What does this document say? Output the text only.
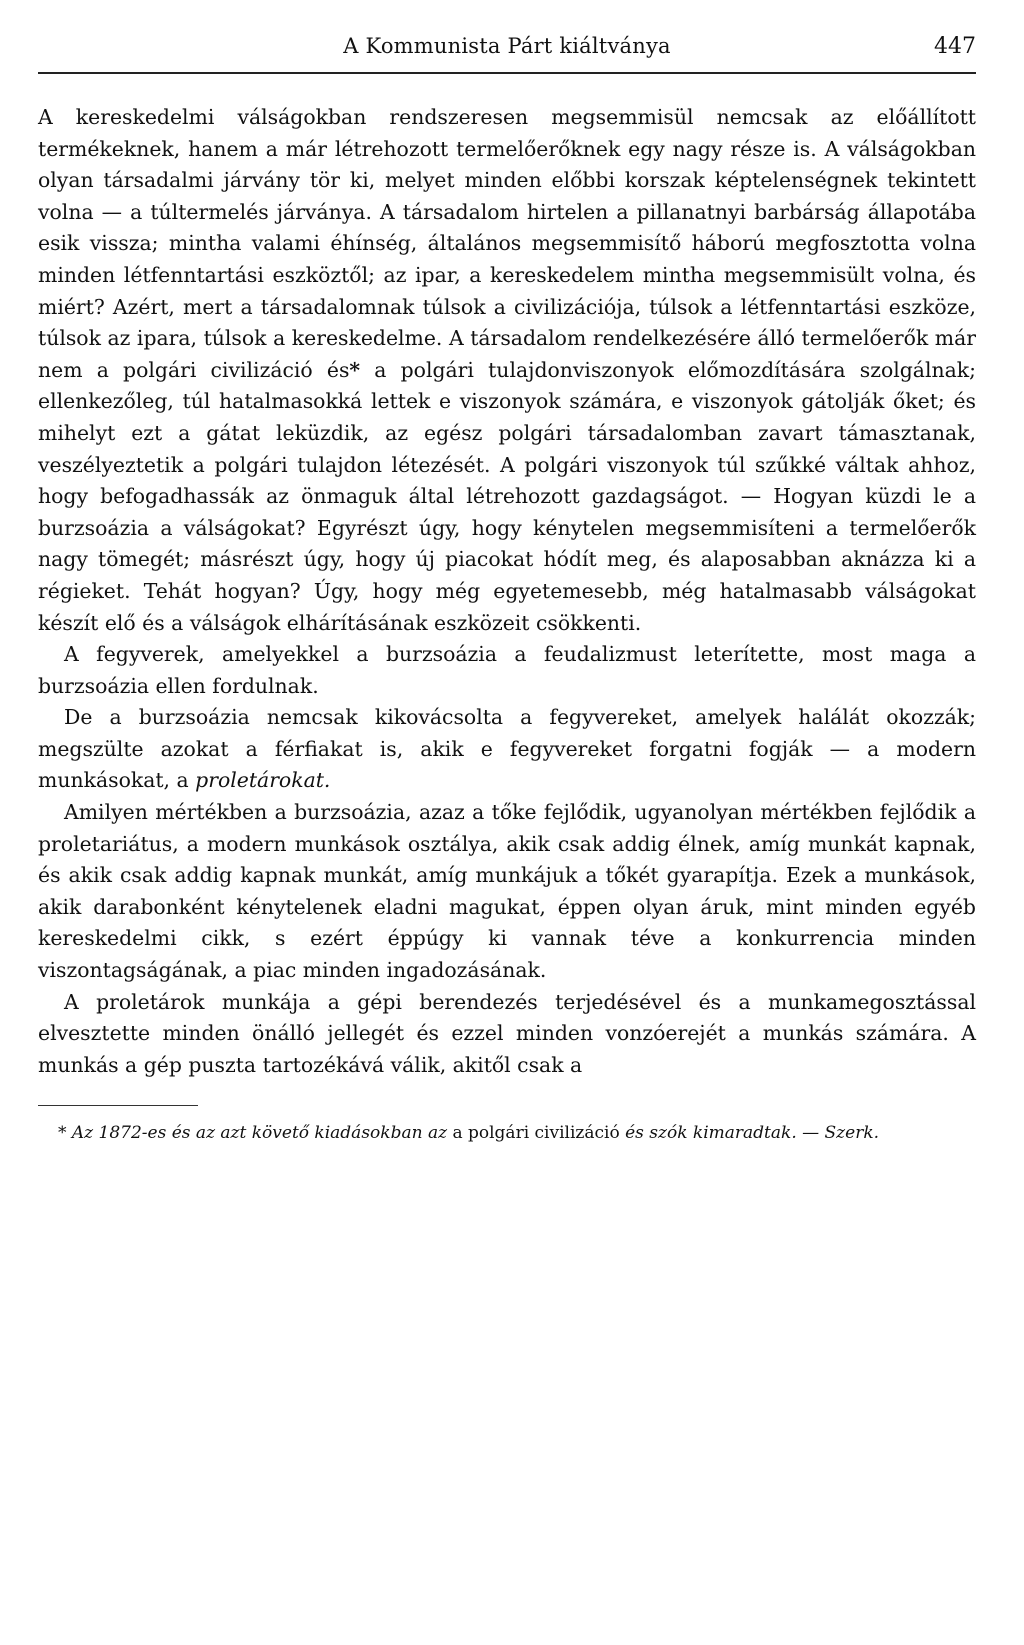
A Kommunista Párt kiáltványa	447

A kereskedelmi válságokban rendszeresen megsemmisül nemcsak az előállított termékeknek, hanem a már létrehozott termelőerőknek egy nagy része is. A válságokban olyan társadalmi járvány tör ki, melyet minden előbbi korszak képtelenségnek tekintett volna — a túltermelés járványa. A társadalom hirtelen a pillanatnyi barbárság állapotába esik vissza; mintha valami éhínség, általános megsemmisítő háború megfosztotta volna minden létfenntartási eszköztől; az ipar, a kereskedelem mintha megsemmisült volna, és miért? Azért, mert a társadalomnak túlsok a civilizációja, túlsok a létfenntartási eszköze, túlsok az ipara, túlsok a kereskedelme. A társadalom rendelkezésére álló termelőerők már nem a polgári civilizáció és* a polgári tulajdonviszonyok előmozdítására szolgálnak; ellenkezőleg, túl hatalmasokká lettek e viszonyok számára, e viszonyok gátolják őket; és mihelyt ezt a gátat leküzdik, az egész polgári társadalomban zavart támasztanak, veszélyeztetik a polgári tulajdon létezését. A polgári viszonyok túl szűkké váltak ahhoz, hogy befogadhassák az önmaguk által létrehozott gazdagságot. — Hogyan küzdi le a burzsoázia a válságokat? Egyrészt úgy, hogy kénytelen megsemmisíteni a termelőerők nagy tömegét; másrészt úgy, hogy új piacokat hódít meg, és alaposabban aknázza ki a régieket. Tehát hogyan? Úgy, hogy még egyetemesebb, még hatalmasabb válságokat készít elő és a válságok elhárításának eszközeit csökkenti.

A fegyverek, amelyekkel a burzsoázia a feudalizmust leterítette, most maga a burzsoázia ellen fordulnak.

De a burzsoázia nemcsak kikovácsolta a fegyvereket, amelyek halálát okozzák; megszülte azokat a férfiakat is, akik e fegyvereket forgatni fogják — a modern munkásokat, a proletárokat.

Amilyen mértékben a burzsoázia, azaz a tőke fejlődik, ugyanolyan mértékben fejlődik a proletariátus, a modern munkások osztálya, akik csak addig élnek, amíg munkát kapnak, és akik csak addig kapnak munkát, amíg munkájuk a tőkét gyarapítja. Ezek a munkások, akik darabonként kénytelenek eladni magukat, éppen olyan áruk, mint minden egyéb kereskedelmi cikk, s ezért éppúgy ki vannak téve a konkurrencia minden viszontagságának, a piac minden ingadozásának.

A proletárok munkája a gépi berendezés terjedésével és a munkamegosztással elvesztette minden önálló jellegét és ezzel minden vonzóerejét a munkás számára. A munkás a gép puszta tartozékává válik, akitől csak a

* Az 1872-es és az azt követő kiadásokban az a polgári civilizáció és szók kimaradtak. — Szerk.
